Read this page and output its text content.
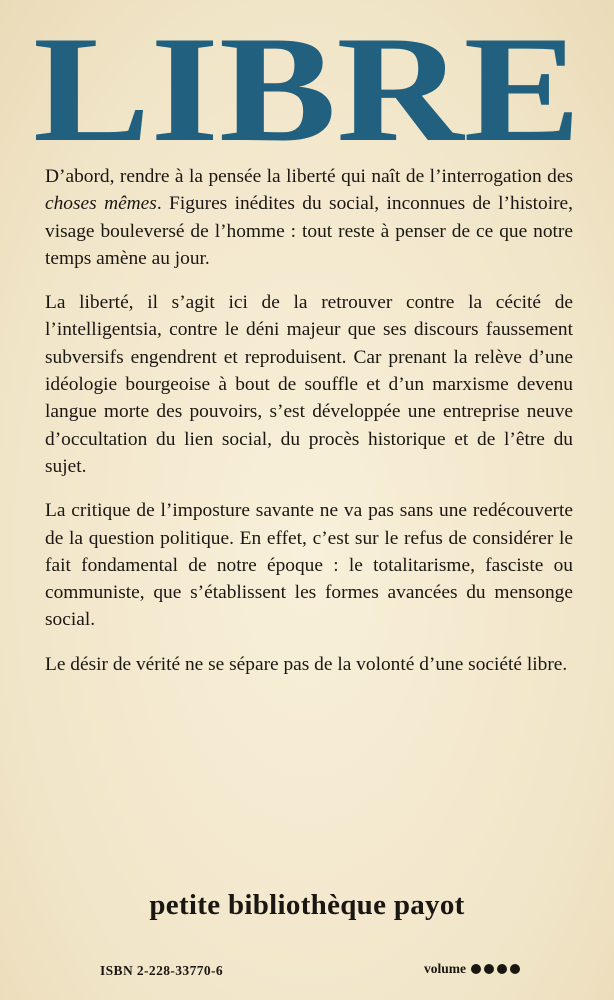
LIBRE

D’abord, rendre à la pensée la liberté qui naît de l’interrogation des choses mêmes. Figures inédites du social, inconnues de l’histoire, visage bouleversé de l’homme : tout reste à penser de ce que notre temps amène au jour.

La liberté, il s’agit ici de la retrouver contre la cécité de l’intelligentsia, contre le déni majeur que ses discours faussement subversifs engendrent et reproduisent. Car prenant la relève d’une idéologie bourgeoise à bout de souffle et d’un marxisme devenu langue morte des pouvoirs, s’est développée une entreprise neuve d’occultation du lien social, du procès historique et de l’être du sujet.

La critique de l’imposture savante ne va pas sans une redécouverte de la question politique. En effet, c’est sur le refus de considérer le fait fondamental de notre époque : le totalitarisme, fasciste ou communiste, que s’établissent les formes avancées du mensonge social.

Le désir de vérité ne se sépare pas de la volonté d’une société libre.

petite bibliothèque payot
ISBN 2-228-33770-6	volume
